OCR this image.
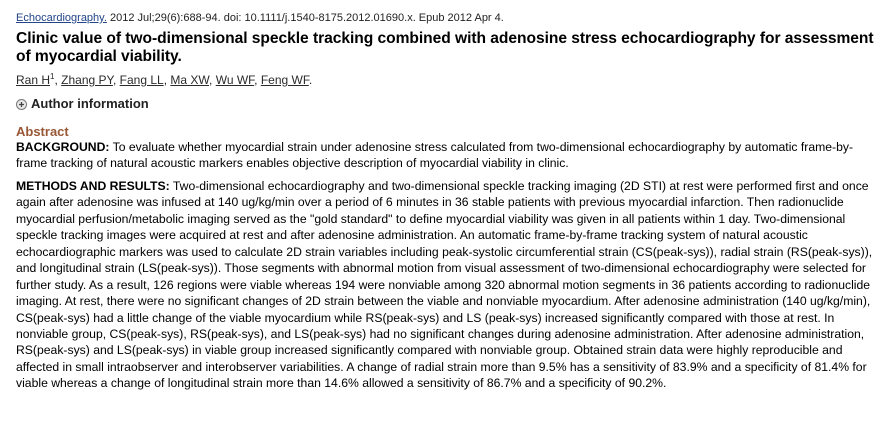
Echocardiography. 2012 Jul;29(6):688-94. doi: 10.1111/j.1540-8175.2012.01690.x. Epub 2012 Apr 4.

Clinic value of two-dimensional speckle tracking combined with adenosine stress echocardiography for assessment of myocardial viability.

Ran $H^1$, Zhang PY, Fang LL, Ma XW, Wu WF, Feng WF.

Author information
Abstract

BACKGROUND: To evaluate whether myocardial strain under adenosine stress calculated from two-dimensional echocardiography by automatic frame-by-frame tracking of natural acoustic markers enables objective description of myocardial viability in clinic.

METHODS AND RESULTS: Two-dimensional echocardiography and two-dimensional speckle tracking imaging (2D STI) at rest were performed first and once again after adenosine was infused at 140 ug/kg/min over a period of 6 minutes in 36 stable patients with previous myocardial infarction. Then radionuclide myocardial perfusion/metabolic imaging served as the "gold standard" to define myocardial viability was given in all patients within 1 day. Two-dimensional speckle tracking images were acquired at rest and after adenosine administration. An automatic frame-by-frame tracking system of natural acoustic echocardiographic markers was used to calculate 2D strain variables including peak-systolic circumferential strain (CS(peak-sys)), radial strain (RS(peak-sys)), and longitudinal strain (LS(peak-sys)). Those segments with abnormal motion from visual assessment of two-dimensional echocardiography were selected for further study. As a result, 126 regions were viable whereas 194 were nonviable among 320 abnormal motion segments in 36 patients according to radionuclide imaging. At rest, there were no significant changes of 2D strain between the viable and nonviable myocardium. After adenosine administration (140 ug/kg/min), CS(peak-sys) had a little change of the viable myocardium while RS(peak-sys) and LS (peak-sys) increased significantly compared with those at rest. In nonviable group, CS(peak-sys), RS(peak-sys), and LS(peak-sys) had no significant changes during adenosine administration. After adenosine administration, RS(peak-sys) and LS(peak-sys) in viable group increased significantly compared with nonviable group. Obtained strain data were highly reproducible and affected in small intraobserver and interobserver variabilities. A change of radial strain more than 9.5% has a sensitivity of 83.9% and a specificity of 81.4% for viable whereas a change of longitudinal strain more than 14.6% allowed a sensitivity of 86.7% and a specificity of 90.2%.
